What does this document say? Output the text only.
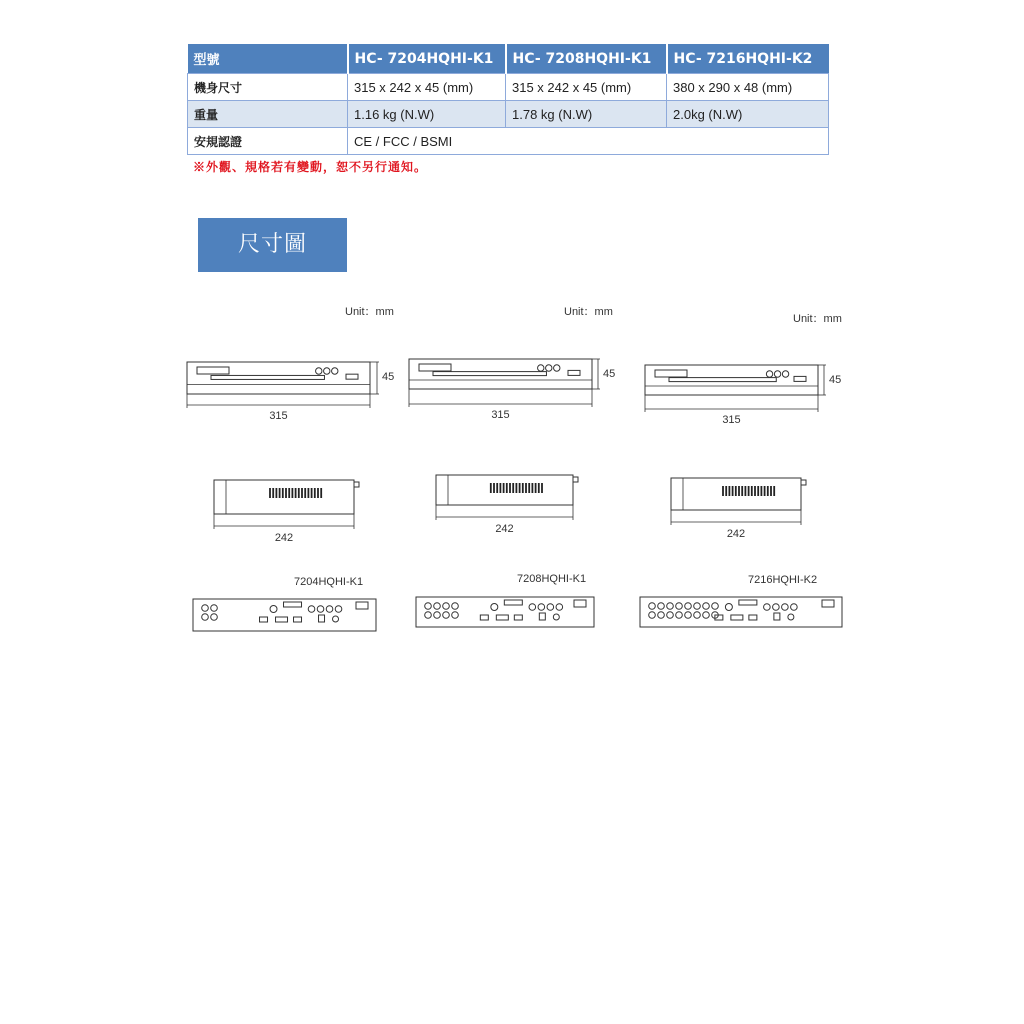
型號	HC- 7204HQHI-K1	HC- 7208HQHI-K1	HC- 7216HQHI-K2
機身尺寸	315 x 242 x 45 (mm)	315 x 242 x 45 (mm)	380 x 290 x 48 (mm)
重量	1.16 kg (N.W)	1.78 kg (N.W)	2.0kg (N.W)
安規認證	CE / FCC / BSMI		
※外觀、規格若有變動，恕不另行通知。
尺寸圖
Unit：mm
315
45
242
7204HQHI-K1
Unit：mm
315
45
242
7208HQHI-K1
Unit：mm
315
45
242
7216HQHI-K2
